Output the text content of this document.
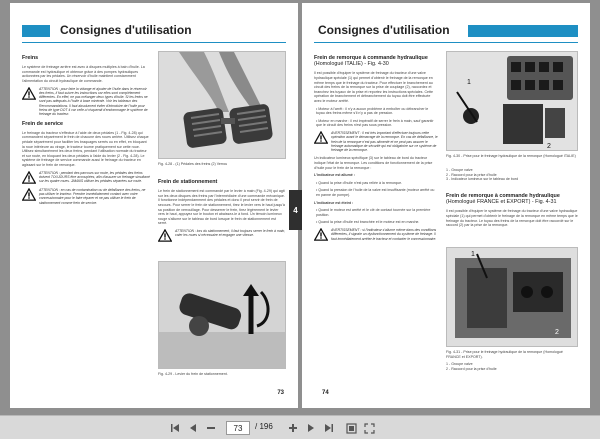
Consignes d'utilisation
Freins

Le système de freinage arrière est avec à disques multiples à bain d'huile. La commande est hydraulique et obtenue grâce à des pompes hydrauliques actionnées par les pédales. Un réservoir d'huile maintient constamment l'alimentation du circuit hydraulique de commande.

ATTENTION : pour faire la vidange et ajouter de l'huile dans le réservoir des freins, il faut suivre les instructions car elles sont complètement différentes. En effet, ne pas mélanger deux types d'huile. Si les freins ne sont pas adéquats à l'huile à base minérale. Voir les tableaux des Recommandations. Il faut absolument éviter d'introduire de l'huile pour freins de type DOT 4 car celle-ci risquerait d'endommager le système de freinage du tracteur.
Frein de service

Le freinage du tracteur s'effectue à l'aide de deux pédales (1 - Fig. 4-28) qui commandent séparément le frein de chacune des roues arrière. Utilisez chaque pédale séparément pour faciliter les braquages serrés ou en effet, en bloquant la roue intérieure au virage, le tracteur tourne pratiquement sur cette roue. Utilisez simultanément les deux freins, pendant l'utilisation normale du tracteur et sur route, en bloquant les deux pédales à l'aide du levier (2 - Fig. 4-28). Le système de freinage de service commande aussi le freinage du tracteur en agissant sur le frein de remorque.

ATTENTION : pendant des parcours sur route, les pédales des freins doivent TOUJOURS être accouplées, afin d'assurer un freinage simultané sur les quatre roues. JAMAIS utiliser les pédales séparées sur route.
ATTENTION : en cas de contamination ou de défaillance des freins, ne pas utiliser le tracteur. Prendre immédiatement contact avec votre concessionnaire pour le faire réparer et ne pas utiliser le frein de stationnement comme frein de service.
Fig. 4-28 - (1) Pédales des freins (2) Verrou
Frein de stationnement

Le frein de stationnement est commandé par le levier à main (Fig. 4-29) qui agit sur les deux disques des freins par l'intermédiaire d'une commande mécanique. Il fonctionne indépendamment des pédales et donc il peut servir de frein de secours. Pour serrer le frein de stationnement, tirez le levier vers le haut jusqu'à sa position de verrouillage. Pour desserrer le frein, tirez légèrement le levier vers le haut, appuyez sur le bouton et abaissez-le à fond. Un témoin lumineux rouge s'allume sur le tableau de bord lorsque le frein de stationnement est serré.

ATTENTION : lors du stationnement, il faut toujours serrer le frein à main, caler les roues si nécessaire et engager une vitesse.
Fig. 4-29 - Levier du frein de stationnement.
73
4
Consignes d'utilisation
Frein de remorque à commande hydraulique (Homologué ITALIE) - Fig. 4-30

Il est possible d'équiper le système de freinage du tracteur d'une valve hydraulique spéciale (1) qui permet d'obtenir le freinage de la remorque en même temps que le freinage du tracteur. Pour effectuer le branchement au circuit des freins de la remorque sur la prise de couplage (2), raccordez et branchez les tuyaux de la prise et reportez les instructions spéciales. Cette opération de branchement et débranchement du tuyau doit être effectuée avec le moteur arrêté.

• Moteur à l'arrêt : il n'y a aucun problème à emboîter ou débrancher le tuyau des freins même s'il n'y a pas de pression.

• Moteur en marche : il est impératif de serrer le frein à main, sauf garantir que le circuit des freins n'est pas sous pression.

AVERTISSEMENT : Il est très important d'effectuer toujours cette opération avant le démarrage de la remorque. En cas de défaillance, le frein de la remorque n'est pas alimenté et ne peut pas assurer le freinage automatique de sécurité qui est obligatoire sur ce système de freinage de la remorque.

Un indicateur lumineux spécifique (3) sur le tableau de bord du tracteur indique l'état de la remorque. Les conditions de fonctionnement de la prise d'huile pour le frein de la remorque :

L'indicateur est allumé :

• Quand la prise d'huile n'est pas reliée à la remorque.

• Quand la pression de l'huile de la valve est insuffisante (moteur arrêté ou en panne de pompe).

L'indicateur est éteint :

• Quand le moteur est arrêté et le clé de contact tournée sur la première position.

• Quand la prise d'huile est branchée et le moteur est en marche.

AVERTISSEMENT : si l'indicateur s'allume même dans des conditions différentes, il signale un dysfonctionnement du système de freinage. Il faut immédiatement arrêter le tracteur et contacter le concessionnaire.
1
2
Fig. 4-30 - Prise pour le freinage hydraulique de la remorque (Homologué ITALIE)
1 - Groupe valve
2 - Raccord pour la prise d'huile
3 - Indicateur lumineux sur le tableau de bord
Frein de remorque à commande hydraulique (Homologué FRANCE et EXPORT) - Fig. 4-31

Il est possible d'équiper le système de freinage du tracteur d'une valve hydraulique spéciale (1) qui permet d'obtenir le freinage de la remorque en même temps que le freinage du tracteur. Le tuyau des freins de la remorque doit être raccordé sur le raccord (2) par la prise de la remorque.

1
2
Fig. 4-31 - Prise pour le freinage hydraulique de la remorque (Homologué FRANCE et EXPORT).
1 - Groupe valve
2 - Raccord pour la prise d'huile
74
73
/ 196
